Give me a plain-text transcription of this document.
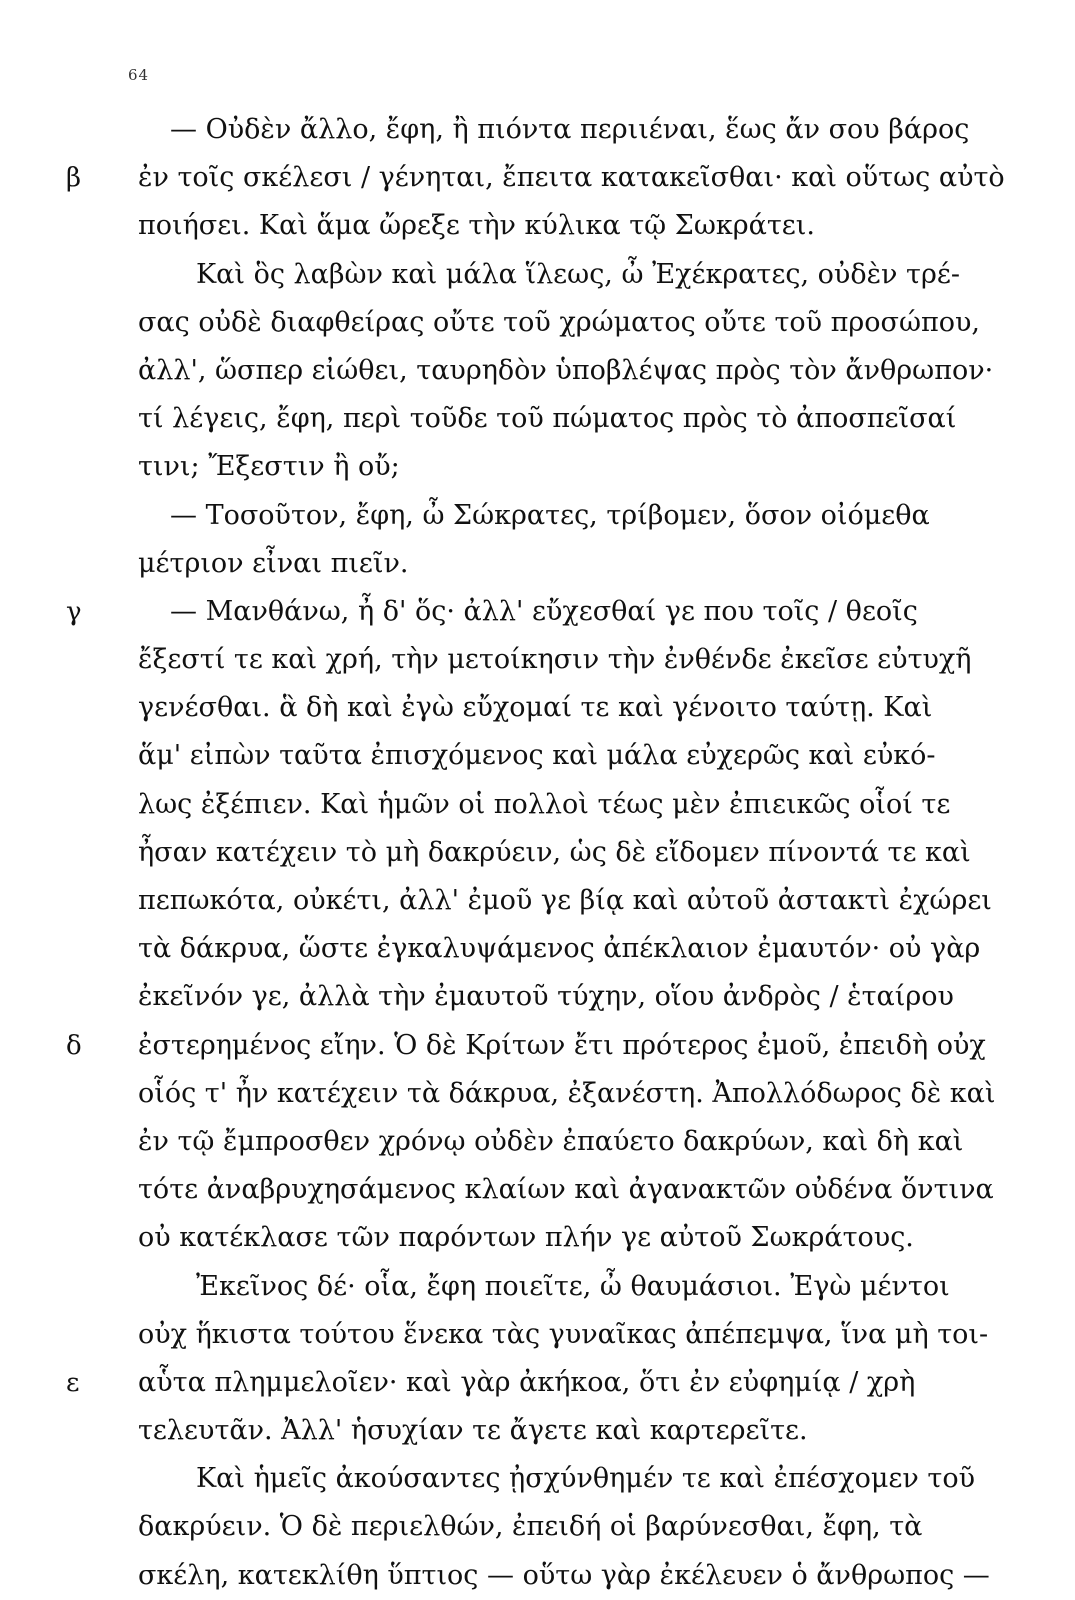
64
— Οὐδὲν ἄλλο, ἔφη, ἢ πιόντα περιιέναι, ἕως ἄν σου βάρος
β	ἐν τοῖς σκέλεσι / γένηται, ἔπειτα κατακεῖσθαι· καὶ οὕτως αὐτὸ
ποιήσει. Καὶ ἅμα ὤρεξε τὴν κύλικα τῷ Σωκράτει.
Καὶ ὃς λαβὼν καὶ μάλα ἵλεως, ὦ Ἐχέκρατες, οὐδὲν τρέ-
σας οὐδὲ διαφθείρας οὔτε τοῦ χρώματος οὔτε τοῦ προσώπου,
ἀλλ', ὥσπερ εἰώθει, ταυρηδὸν ὑποβλέψας πρὸς τὸν ἄνθρωπον·
τί λέγεις, ἔφη, περὶ τοῦδε τοῦ πώματος πρὸς τὸ ἀποσπεῖσαί
τινι; Ἔξεστιν ἢ οὔ;
— Τοσοῦτον, ἔφη, ὦ Σώκρατες, τρίβομεν, ὅσον οἰόμεθα
μέτριον εἶναι πιεῖν.
γ	— Μανθάνω, ἦ δ' ὅς· ἀλλ' εὔχεσθαί γε που τοῖς / θεοῖς
ἔξεστί τε καὶ χρή, τὴν μετοίκησιν τὴν ἐνθένδε ἐκεῖσε εὐτυχῆ
γενέσθαι. ἃ δὴ καὶ ἐγὼ εὔχομαί τε καὶ γένοιτο ταύτῃ. Καὶ
ἅμ' εἰπὼν ταῦτα ἐπισχόμενος καὶ μάλα εὐχερῶς καὶ εὐκό-
λως ἐξέπιεν. Καὶ ἡμῶν οἱ πολλοὶ τέως μὲν ἐπιεικῶς οἷοί τε
ἦσαν κατέχειν τὸ μὴ δακρύειν, ὡς δὲ εἴδομεν πίνοντά τε καὶ
πεπωκότα, οὐκέτι, ἀλλ' ἐμοῦ γε βίᾳ καὶ αὐτοῦ ἀστακτὶ ἐχώρει
τὰ δάκρυα, ὥστε ἐγκαλυψάμενος ἀπέκλαιον ἐμαυτόν· οὐ γὰρ
ἐκεῖνόν γε, ἀλλὰ τὴν ἐμαυτοῦ τύχην, οἵου ἀνδρὸς / ἑταίρου
δ	ἐστερημένος εἴην. Ὁ δὲ Κρίτων ἔτι πρότερος ἐμοῦ, ἐπειδὴ οὐχ
οἷός τ' ἦν κατέχειν τὰ δάκρυα, ἐξανέστη. Ἀπολλόδωρος δὲ καὶ
ἐν τῷ ἔμπροσθεν χρόνῳ οὐδὲν ἐπαύετο δακρύων, καὶ δὴ καὶ
τότε ἀναβρυχησάμενος κλαίων καὶ ἀγανακτῶν οὐδένα ὅντινα
οὐ κατέκλασε τῶν παρόντων πλήν γε αὐτοῦ Σωκράτους.
Ἐκεῖνος δέ· οἷα, ἔφη ποιεῖτε, ὦ θαυμάσιοι. Ἐγὼ μέντοι
οὐχ ἥκιστα τούτου ἕνεκα τὰς γυναῖκας ἀπέπεμψα, ἵνα μὴ τοι-
ε	αὗτα πλημμελοῖεν· καὶ γὰρ ἀκήκοα, ὅτι ἐν εὐφημίᾳ / χρὴ
τελευτᾶν. Ἀλλ' ἡσυχίαν τε ἄγετε καὶ καρτερεῖτε.
Καὶ ἡμεῖς ἀκούσαντες ᾐσχύνθημέν τε καὶ ἐπέσχομεν τοῦ
δακρύειν. Ὁ δὲ περιελθών, ἐπειδή οἱ βαρύνεσθαι, ἔφη, τὰ
σκέλη, κατεκλίθη ὕπτιος — οὕτω γὰρ ἐκέλευεν ὁ ἄνθρωπος —
